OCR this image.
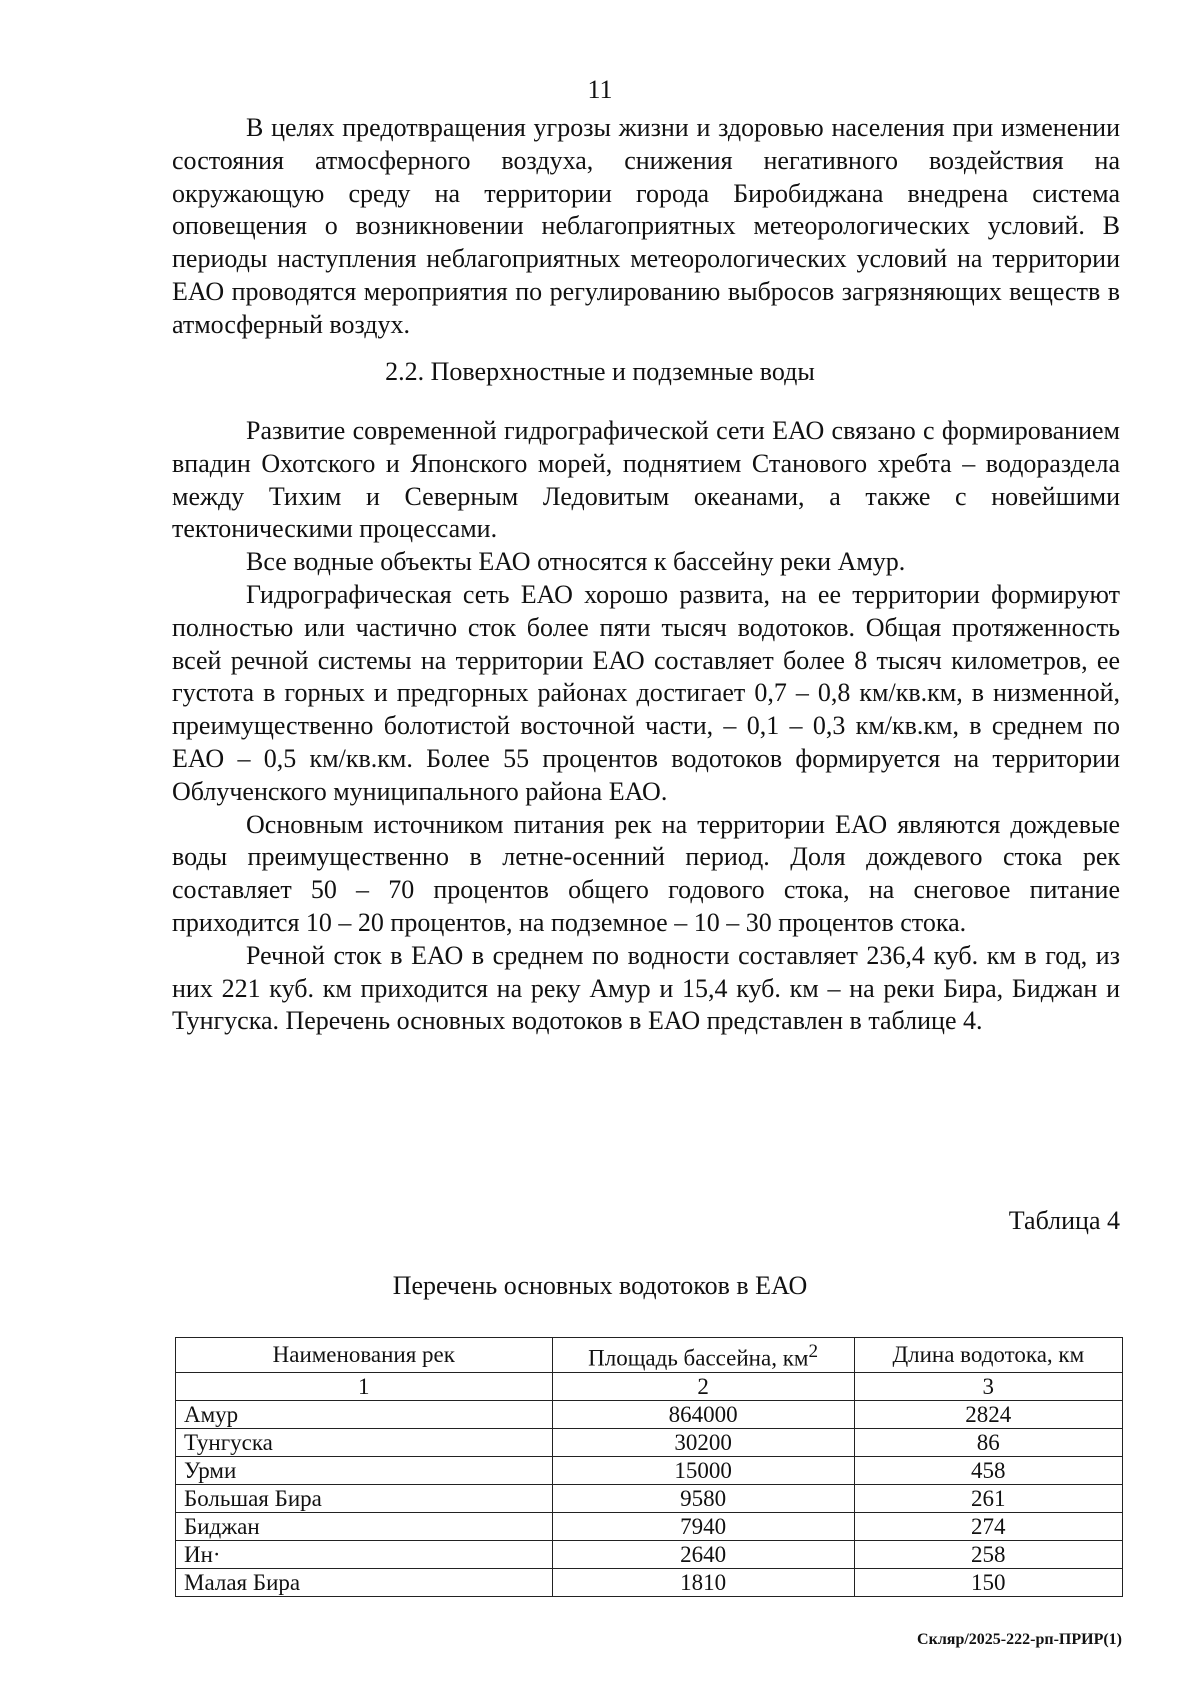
11

В целях предотвращения угрозы жизни и здоровью населения при изменении состояния атмосферного воздуха, снижения негативного воздействия на окружающую среду на территории города Биробиджана внедрена система оповещения о возникновении неблагоприятных метеорологических условий. В периоды наступления неблагоприятных метеорологических условий на территории ЕАО проводятся мероприятия по регулированию выбросов загрязняющих веществ в атмосферный воздух.

2.2. Поверхностные и подземные воды

Развитие современной гидрографической сети ЕАО связано с формированием впадин Охотского и Японского морей, поднятием Станового хребта – водораздела между Тихим и Северным Ледовитым океанами, а также с новейшими тектоническими процессами.

Все водные объекты ЕАО относятся к бассейну реки Амур.

Гидрографическая сеть ЕАО хорошо развита, на ее территории формируют полностью или частично сток более пяти тысяч водотоков. Общая протяженность всей речной системы на территории ЕАО составляет более 8 тысяч километров, ее густота в горных и предгорных районах достигает 0,7 – 0,8 км/кв.км, в низменной, преимущественно болотистой восточной части, – 0,1 – 0,3 км/кв.км, в среднем по ЕАО – 0,5 км/кв.км. Более 55 процентов водотоков формируется на территории Облученского муниципального района ЕАО.

Основным источником питания рек на территории ЕАО являются дождевые воды преимущественно в летне-осенний период. Доля дождевого стока рек составляет 50 – 70 процентов общего годового стока, на снеговое питание приходится 10 – 20 процентов, на подземное – 10 – 30 процентов стока.

Речной сток в ЕАО в среднем по водности составляет 236,4 куб. км в год, из них 221 куб. км приходится на реку Амур и 15,4 куб. км – на реки Бира, Биджан и Тунгуска. Перечень основных водотоков в ЕАО представлен в таблице 4.

Таблица 4
Перечень основных водотоков в ЕАО
Наименования рек	Площадь бассейна, $км^2$	Длина водотока, км
1	2	3
Амур	864000	2824
Тунгуска	30200	86
Урми	15000	458
Большая Бира	9580	261
Биджан	7940	274
Ин·	2640	258
Малая Бира	1810	150
Скляр/2025-222-рп-ПРИР(1)
